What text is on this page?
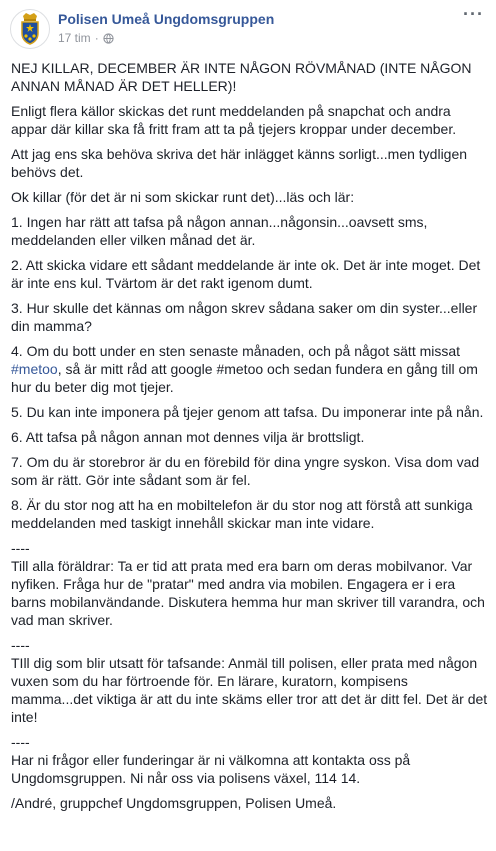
Polisen Umeå Ungdomsgruppen
17 tim ·
···

NEJ KILLAR, DECEMBER ÄR INTE NÅGON RÖVMÅNAD (INTE NÅGON ANNAN MÅNAD ÄR DET HELLER)!

Enligt flera källor skickas det runt meddelanden på snapchat och andra appar där killar ska få fritt fram att ta på tjejers kroppar under december.

Att jag ens ska behöva skriva det här inlägget känns sorligt...men tydligen behövs det.

Ok killar (för det är ni som skickar runt det)...läs och lär:

1. Ingen har rätt att tafsa på någon annan...någonsin...oavsett sms, meddelanden eller vilken månad det är.

2. Att skicka vidare ett sådant meddelande är inte ok. Det är inte moget. Det är inte ens kul. Tvärtom är det rakt igenom dumt.

3. Hur skulle det kännas om någon skrev sådana saker om din syster...eller din mamma?

4. Om du bott under en sten senaste månaden, och på något sätt missat #metoo, så är mitt råd att google #metoo och sedan fundera en gång till om hur du beter dig mot tjejer.

5. Du kan inte imponera på tjejer genom att tafsa. Du imponerar inte på nån.

6. Att tafsa på någon annan mot dennes vilja är brottsligt.

7. Om du är storebror är du en förebild för dina yngre syskon. Visa dom vad som är rätt. Gör inte sådant som är fel.

8. Är du stor nog att ha en mobiltelefon är du stor nog att förstå att sunkiga meddelanden med taskigt innehåll skickar man inte vidare.

----

Till alla föräldrar: Ta er tid att prata med era barn om deras mobilvanor. Var nyfiken. Fråga hur de "pratar" med andra via mobilen. Engagera er i era barns mobilanvändande. Diskutera hemma hur man skriver till varandra, och vad man skriver.

----

TIll dig som blir utsatt för tafsande: Anmäl till polisen, eller prata med någon vuxen som du har förtroende för. En lärare, kuratorn, kompisens mamma...det viktiga är att du inte skäms eller tror att det är ditt fel. Det är det inte!

----

Har ni frågor eller funderingar är ni välkomna att kontakta oss på Ungdomsgruppen. Ni når oss via polisens växel, 114 14.

/André, gruppchef Ungdomsgruppen, Polisen Umeå.
